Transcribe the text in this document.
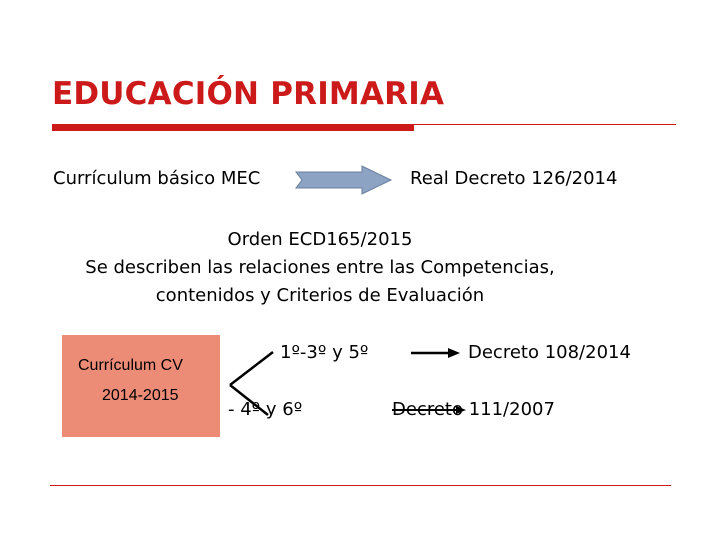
EDUCACIÓN PRIMARIA
Currículum básico MEC	Real Decreto 126/2014
Orden ECD165/2015
Se describen las relaciones entre las Competencias,
contenidos y Criterios de Evaluación
Currículum CV
2014-2015
1º-3º y 5º	Decreto 108/2014
- 4º y 6º	Decreto 111/2007
